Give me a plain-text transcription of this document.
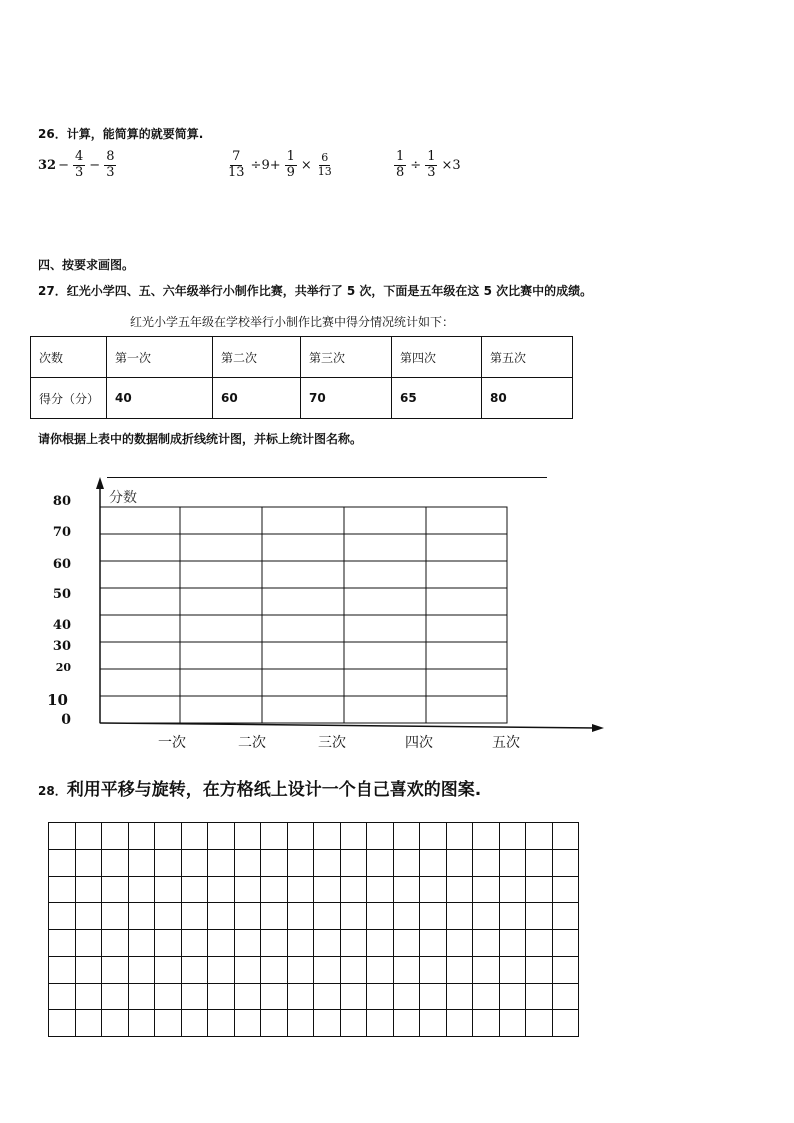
26．计算，能简算的就要简算.
$32 - \frac{4}{3} - \frac{8}{3}$	$\frac{7}{13} \div 9+ \frac{1}{9} \times \frac{6}{13}$	$\frac{1}{8} \div \frac{1}{3} \times 3$
四、按要求画图。
27．红光小学四、五、六年级举行小制作比赛，共举行了 5 次，下面是五年级在这 5 次比赛中的成绩。
红光小学五年级在学校举行小制作比赛中得分情况统计如下：
次数	第一次	第二次	第三次	第四次	第五次
得分（分）	40	60	70	65	80
请你根据上表中的数据制成折线统计图，并标上统计图名称。
分数
80
70
60
50
40
30
20
10
0
一次	二次	三次	四次	五次
28．利用平移与旋转，在方格纸上设计一个自己喜欢的图案.
